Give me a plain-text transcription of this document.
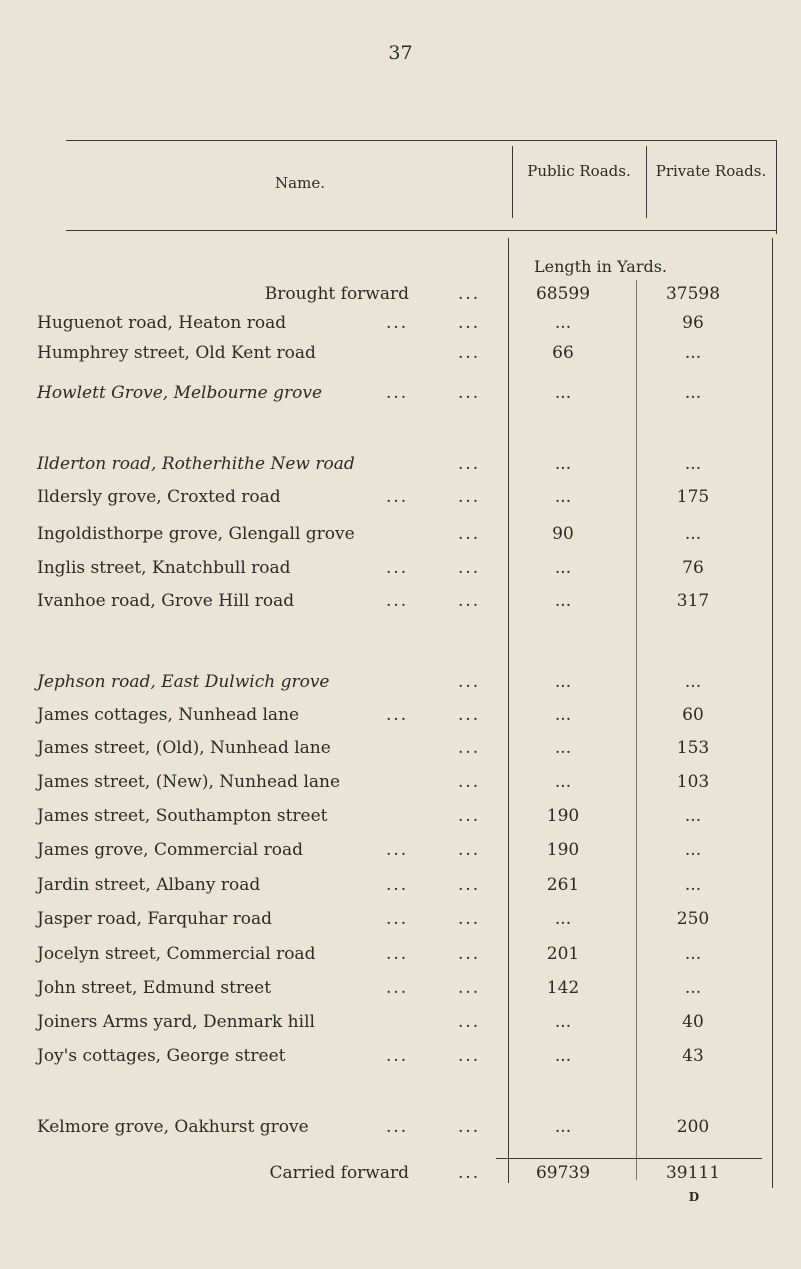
37
Name.
Public Roads.	Private Roads.
Length in Yards.
Brought forward	...	68599	37598
Huguenot road, Heaton road	...	...	...	96
Humphrey street, Old Kent road	...	66	...
Howlett Grove, Melbourne grove	...	...	...	...
Ilderton road, Rotherhithe New road	...	...	...
Ildersly grove, Croxted road	...	...	...	175
Ingoldisthorpe grove, Glengall grove	...	90	...
Inglis street, Knatchbull road	...	...	...	76
Ivanhoe road, Grove Hill road	...	...	...	317
Jephson road, East Dulwich grove	...	...	...
James cottages, Nunhead lane	...	...	...	60
James street, (Old), Nunhead lane	...	...	153
James street, (New), Nunhead lane	...	...	103
James street, Southampton street	...	190	...
James grove, Commercial road	...	...	190	...
Jardin street, Albany road	...	...	261	...
Jasper road, Farquhar road	...	...	...	250
Jocelyn street, Commercial road	...	...	201	...
John street, Edmund street	...	...	142	...
Joiners Arms yard, Denmark hill	...	...	40
Joy's cottages, George street	...	...	...	43
Kelmore grove, Oakhurst grove	...	...	...	200
Carried forward	...	69739	39111
D
